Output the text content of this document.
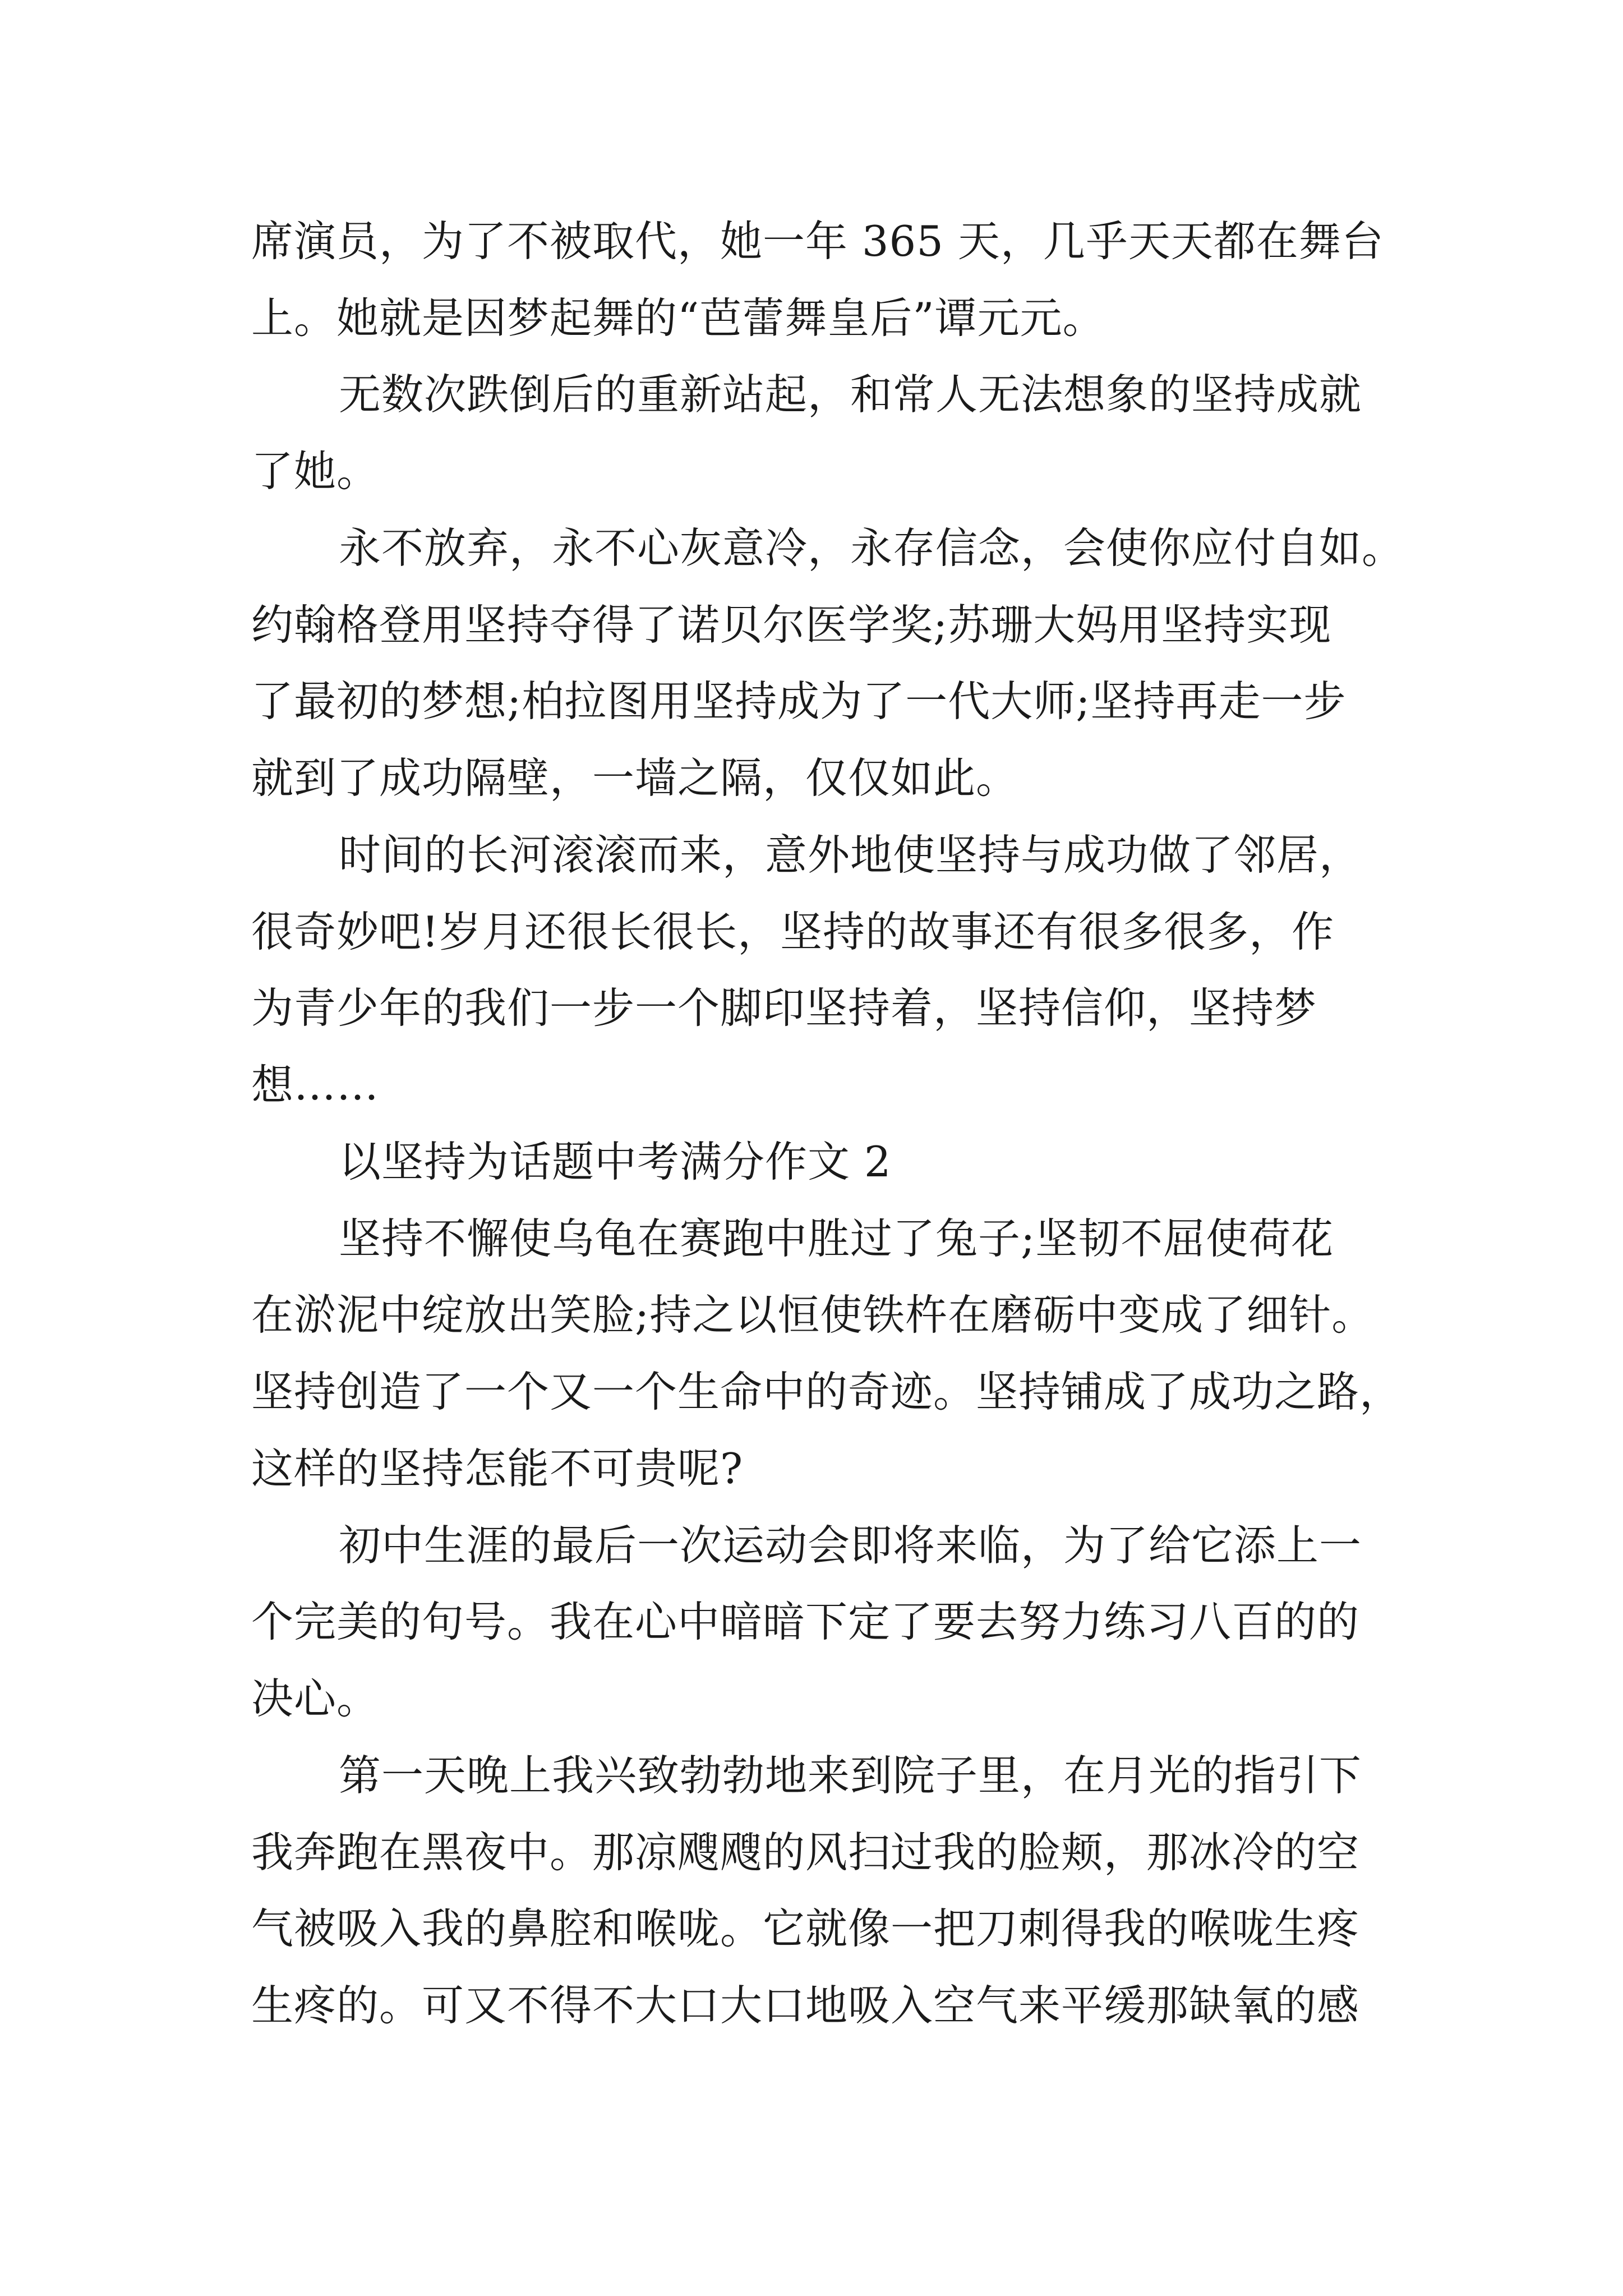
席演员，为了不被取代，她一年 365 天，几乎天天都在舞台
上。她就是因梦起舞的“芭蕾舞皇后”谭元元。
无数次跌倒后的重新站起，和常人无法想象的坚持成就
了她。
永不放弃，永不心灰意冷，永存信念，会使你应付自如。
约翰格登用坚持夺得了诺贝尔医学奖;苏珊大妈用坚持实现
了最初的梦想;柏拉图用坚持成为了一代大师;坚持再走一步
就到了成功隔壁，一墙之隔，仅仅如此。
时间的长河滚滚而来，意外地使坚持与成功做了邻居，
很奇妙吧!岁月还很长很长，坚持的故事还有很多很多，作
为青少年的我们一步一个脚印坚持着，坚持信仰，坚持梦
想……
以坚持为话题中考满分作文 2
坚持不懈使乌龟在赛跑中胜过了兔子;坚韧不屈使荷花
在淤泥中绽放出笑脸;持之以恒使铁杵在磨砺中变成了细针。
坚持创造了一个又一个生命中的奇迹。坚持铺成了成功之路，
这样的坚持怎能不可贵呢?
初中生涯的最后一次运动会即将来临，为了给它添上一
个完美的句号。我在心中暗暗下定了要去努力练习八百的的
决心。
第一天晚上我兴致勃勃地来到院子里，在月光的指引下
我奔跑在黑夜中。那凉飕飕的风扫过我的脸颊，那冰冷的空
气被吸入我的鼻腔和喉咙。它就像一把刀刺得我的喉咙生疼
生疼的。可又不得不大口大口地吸入空气来平缓那缺氧的感
